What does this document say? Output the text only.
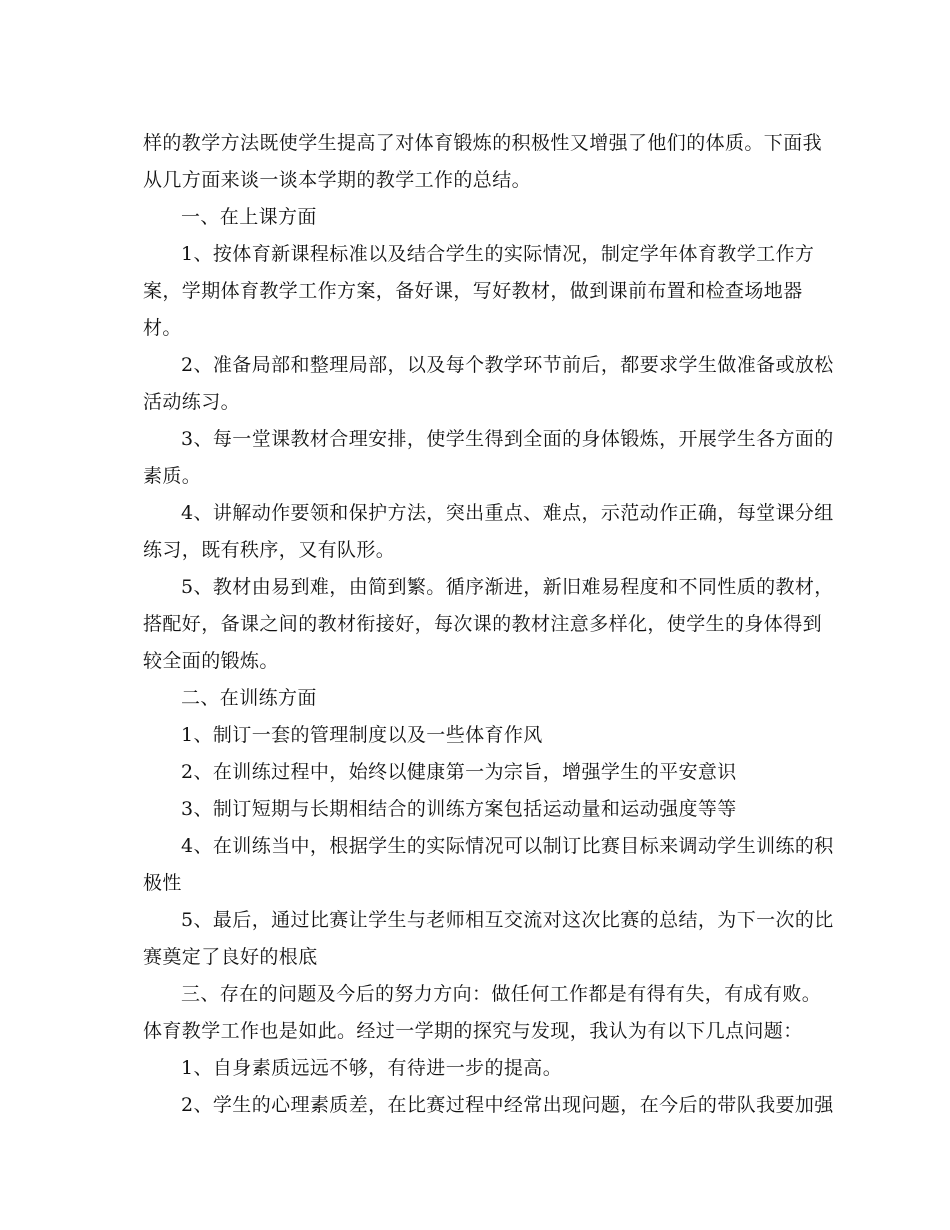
样的教学方法既使学生提高了对体育锻炼的积极性又增强了他们的体质。下面我
从几方面来谈一谈本学期的教学工作的总结。
一、在上课方面
1、按体育新课程标准以及结合学生的实际情况，制定学年体育教学工作方
案，学期体育教学工作方案，备好课，写好教材，做到课前布置和检查场地器
材。
2、准备局部和整理局部，以及每个教学环节前后，都要求学生做准备或放松
活动练习。
3、每一堂课教材合理安排，使学生得到全面的身体锻炼，开展学生各方面的
素质。
4、讲解动作要领和保护方法，突出重点、难点，示范动作正确，每堂课分组
练习，既有秩序，又有队形。
5、教材由易到难，由简到繁。循序渐进，新旧难易程度和不同性质的教材，
搭配好，备课之间的教材衔接好，每次课的教材注意多样化，使学生的身体得到
较全面的锻炼。
二、在训练方面
1、制订一套的管理制度以及一些体育作风
2、在训练过程中，始终以健康第一为宗旨，增强学生的平安意识
3、制订短期与长期相结合的训练方案包括运动量和运动强度等等
4、在训练当中，根据学生的实际情况可以制订比赛目标来调动学生训练的积
极性
5、最后，通过比赛让学生与老师相互交流对这次比赛的总结，为下一次的比
赛奠定了良好的根底
三、存在的问题及今后的努力方向：做任何工作都是有得有失，有成有败。
体育教学工作也是如此。经过一学期的探究与发现，我认为有以下几点问题：
1、自身素质远远不够，有待进一步的提高。
2、学生的心理素质差，在比赛过程中经常出现问题，在今后的带队我要加强
